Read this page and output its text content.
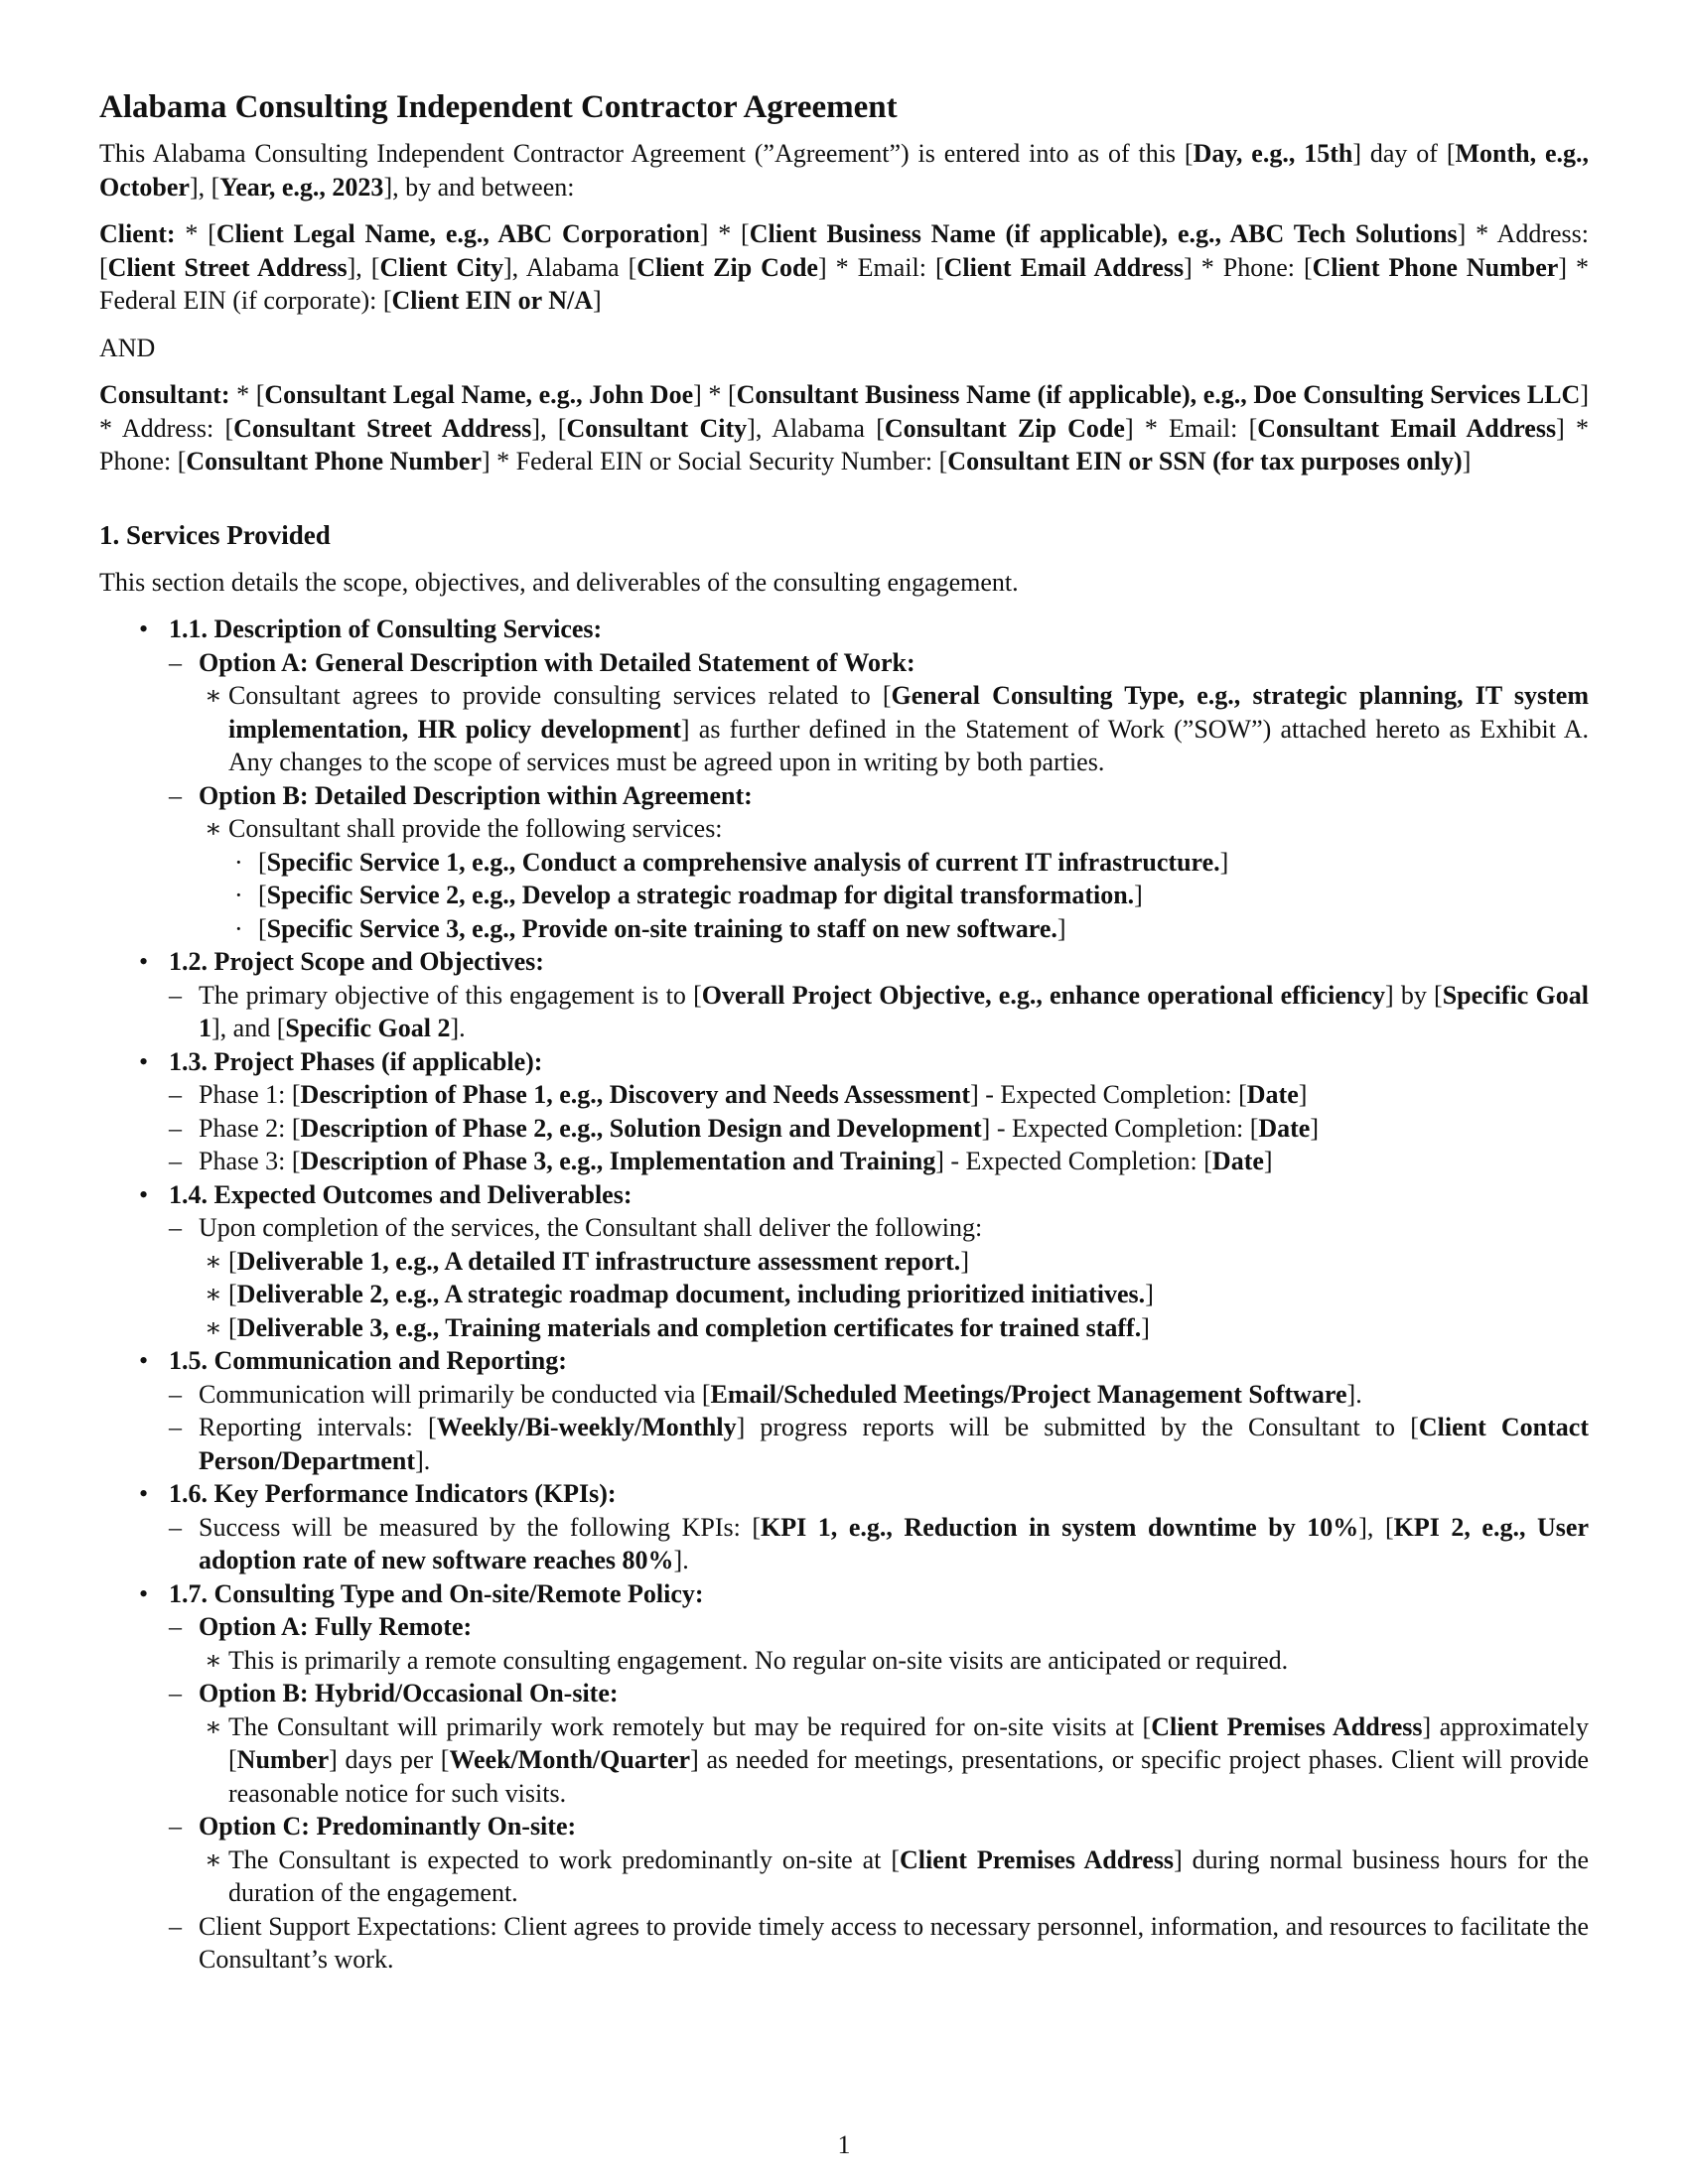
Alabama Consulting Independent Contractor Agreement

This Alabama Consulting Independent Contractor Agreement (”Agreement”) is entered into as of this [Day, e.g., 15th] day of [Month, e.g., October], [Year, e.g., 2023], by and between:

Client: * [Client Legal Name, e.g., ABC Corporation] * [Client Business Name (if applicable), e.g., ABC Tech Solutions] * Address: [Client Street Address], [Client City], Alabama [Client Zip Code] * Email: [Client Email Address] * Phone: [Client Phone Number] * Federal EIN (if corporate): [Client EIN or N/A]

AND

Consultant: * [Consultant Legal Name, e.g., John Doe] * [Consultant Business Name (if applicable), e.g., Doe Consulting Services LLC] * Address: [Consultant Street Address], [Consultant City], Alabama [Consultant Zip Code] * Email: [Consultant Email Address] * Phone: [Consultant Phone Number] * Federal EIN or Social Security Number: [Consultant EIN or SSN (for tax purposes only)]

1. Services Provided

This section details the scope, objectives, and deliverables of the consulting engagement.

• 1.1. Description of Consulting Services:
– Option A: General Description with Detailed Statement of Work:
∗ Consultant agrees to provide consulting services related to [General Consulting Type, e.g., strategic planning, IT system implementation, HR policy development] as further defined in the Statement of Work (”SOW”) attached hereto as Exhibit A. Any changes to the scope of services must be agreed upon in writing by both parties.
– Option B: Detailed Description within Agreement:
∗ Consultant shall provide the following services:
· [Specific Service 1, e.g., Conduct a comprehensive analysis of current IT infrastructure.]
· [Specific Service 2, e.g., Develop a strategic roadmap for digital transformation.]
· [Specific Service 3, e.g., Provide on-site training to staff on new software.]
• 1.2. Project Scope and Objectives:
– The primary objective of this engagement is to [Overall Project Objective, e.g., enhance operational efficiency] by [Specific Goal 1], and [Specific Goal 2].
• 1.3. Project Phases (if applicable):
– Phase 1: [Description of Phase 1, e.g., Discovery and Needs Assessment] - Expected Completion: [Date]
– Phase 2: [Description of Phase 2, e.g., Solution Design and Development] - Expected Completion: [Date]
– Phase 3: [Description of Phase 3, e.g., Implementation and Training] - Expected Completion: [Date]
• 1.4. Expected Outcomes and Deliverables:
– Upon completion of the services, the Consultant shall deliver the following:
∗ [Deliverable 1, e.g., A detailed IT infrastructure assessment report.]
∗ [Deliverable 2, e.g., A strategic roadmap document, including prioritized initiatives.]
∗ [Deliverable 3, e.g., Training materials and completion certificates for trained staff.]
• 1.5. Communication and Reporting:
– Communication will primarily be conducted via [Email/Scheduled Meetings/Project Management Software].
– Reporting intervals: [Weekly/Bi-weekly/Monthly] progress reports will be submitted by the Consultant to [Client Contact Person/Department].
• 1.6. Key Performance Indicators (KPIs):
– Success will be measured by the following KPIs: [KPI 1, e.g., Reduction in system downtime by 10%], [KPI 2, e.g., User adoption rate of new software reaches 80%].
• 1.7. Consulting Type and On-site/Remote Policy:
– Option A: Fully Remote:
∗ This is primarily a remote consulting engagement. No regular on-site visits are anticipated or required.
– Option B: Hybrid/Occasional On-site:
∗ The Consultant will primarily work remotely but may be required for on-site visits at [Client Premises Address] approximately [Number] days per [Week/Month/Quarter] as needed for meetings, presentations, or specific project phases. Client will provide reasonable notice for such visits.
– Option C: Predominantly On-site:
∗ The Consultant is expected to work predominantly on-site at [Client Premises Address] during normal business hours for the duration of the engagement.
– Client Support Expectations: Client agrees to provide timely access to necessary personnel, information, and resources to facilitate the Consultant’s work.
1
